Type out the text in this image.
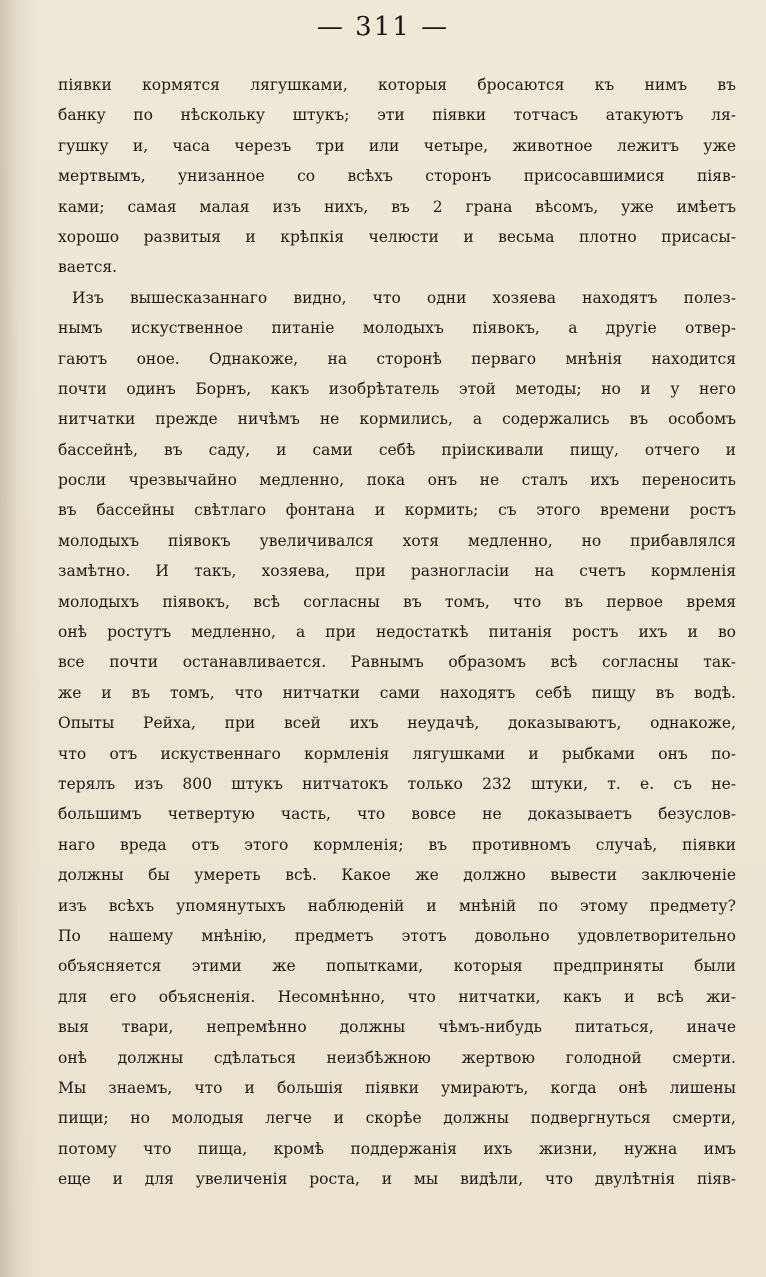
— 311 —

піявки кормятся лягушками, которыя бросаются къ нимъ въ
банку по нѣскольку штукъ; эти піявки тотчасъ атакуютъ ля-
гушку и, часа черезъ три или четыре, животное лежитъ уже
мертвымъ, унизанное со всѣхъ сторонъ присосавшимися піяв-
ками; самая малая изъ нихъ, въ 2 грана вѣсомъ, уже имѣетъ
хорошо развитыя и крѣпкія челюсти и весьма плотно присасы-
вается.
Изъ вышесказаннаго видно, что одни хозяева находятъ полез-
нымъ искуственное питаніе молодыхъ піявокъ, а другіе отвер-
гаютъ оное. Однакоже, на сторонѣ перваго мнѣнія находится
почти одинъ Борнъ, какъ изобрѣтатель этой методы; но и у него
нитчатки прежде ничѣмъ не кормились, а содержались въ особомъ
бассейнѣ, въ саду, и сами себѣ пріискивали пищу, отчего и
росли чрезвычайно медленно, пока онъ не сталъ ихъ переносить
въ бассейны свѣтлаго фонтана и кормить; съ этого времени ростъ
молодыхъ піявокъ увеличивался хотя медленно, но прибавлялся
замѣтно. И такъ, хозяева, при разногласіи на счетъ кормленія
молодыхъ піявокъ, всѣ согласны въ томъ, что въ первое время
онѣ ростутъ медленно, а при недостаткѣ питанія ростъ ихъ и во
все почти останавливается. Равнымъ образомъ всѣ согласны так-
же и въ томъ, что нитчатки сами находятъ себѣ пищу въ водѣ.
Опыты Рейха, при всей ихъ неудачѣ, доказываютъ, однакоже,
что отъ искуственнаго кормленія лягушками и рыбками онъ по-
терялъ изъ 800 штукъ нитчатокъ только 232 штуки, т. е. съ не-
большимъ четвертую часть, что вовсе не доказываетъ безуслов-
наго вреда отъ этого кормленія; въ противномъ случаѣ, піявки
должны бы умереть всѣ. Какое же должно вывести заключеніе
изъ всѣхъ упомянутыхъ наблюденій и мнѣній по этому предмету?
По нашему мнѣнію, предметъ этотъ довольно удовлетворительно
объясняется этими же попытками, которыя предприняты были
для его объясненія. Несомнѣнно, что нитчатки, какъ и всѣ жи-
выя твари, непремѣнно должны чѣмъ-нибудь питаться, иначе
онѣ должны сдѣлаться неизбѣжною жертвою голодной смерти.
Мы знаемъ, что и большія піявки умираютъ, когда онѣ лишены
пищи; но молодыя легче и скорѣе должны подвергнуться смерти,
потому что пища, кромѣ поддержанія ихъ жизни, нужна имъ
еще и для увеличенія роста, и мы видѣли, что двулѣтнія піяв-
